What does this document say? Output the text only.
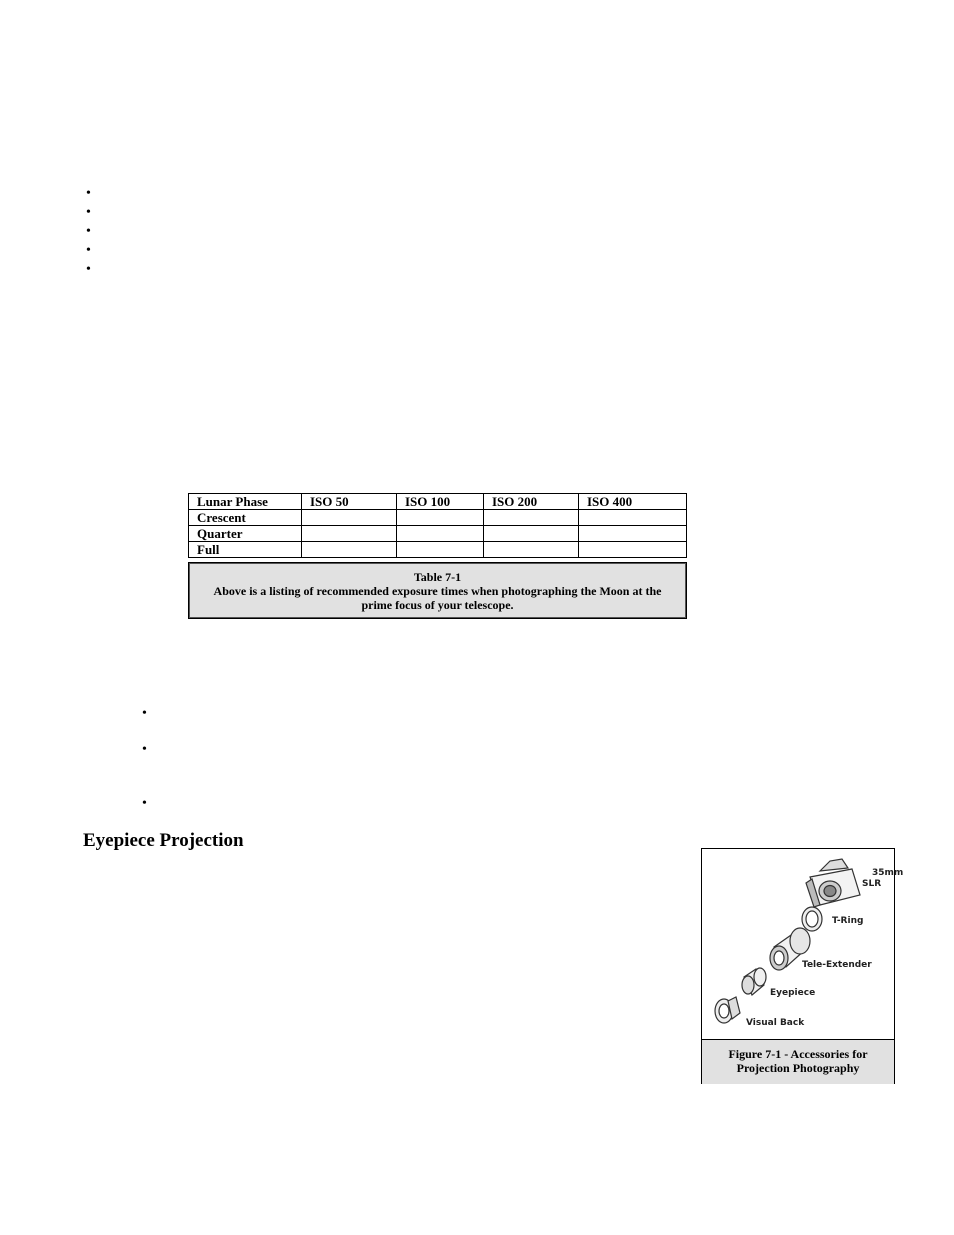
•
•
•
•
•
Lunar Phase	ISO 50	ISO 100	ISO 200	ISO 400
Crescent				
Quarter				
Full				
Table 7-1
Above is a listing of recommended exposure times when photographing the Moon at the prime focus of your telescope.
•
•
•
Eyepiece Projection
35mm
SLR
T-Ring
Tele-Extender
Eyepiece
Visual Back
Figure 7-1 - Accessories for Projection Photography
